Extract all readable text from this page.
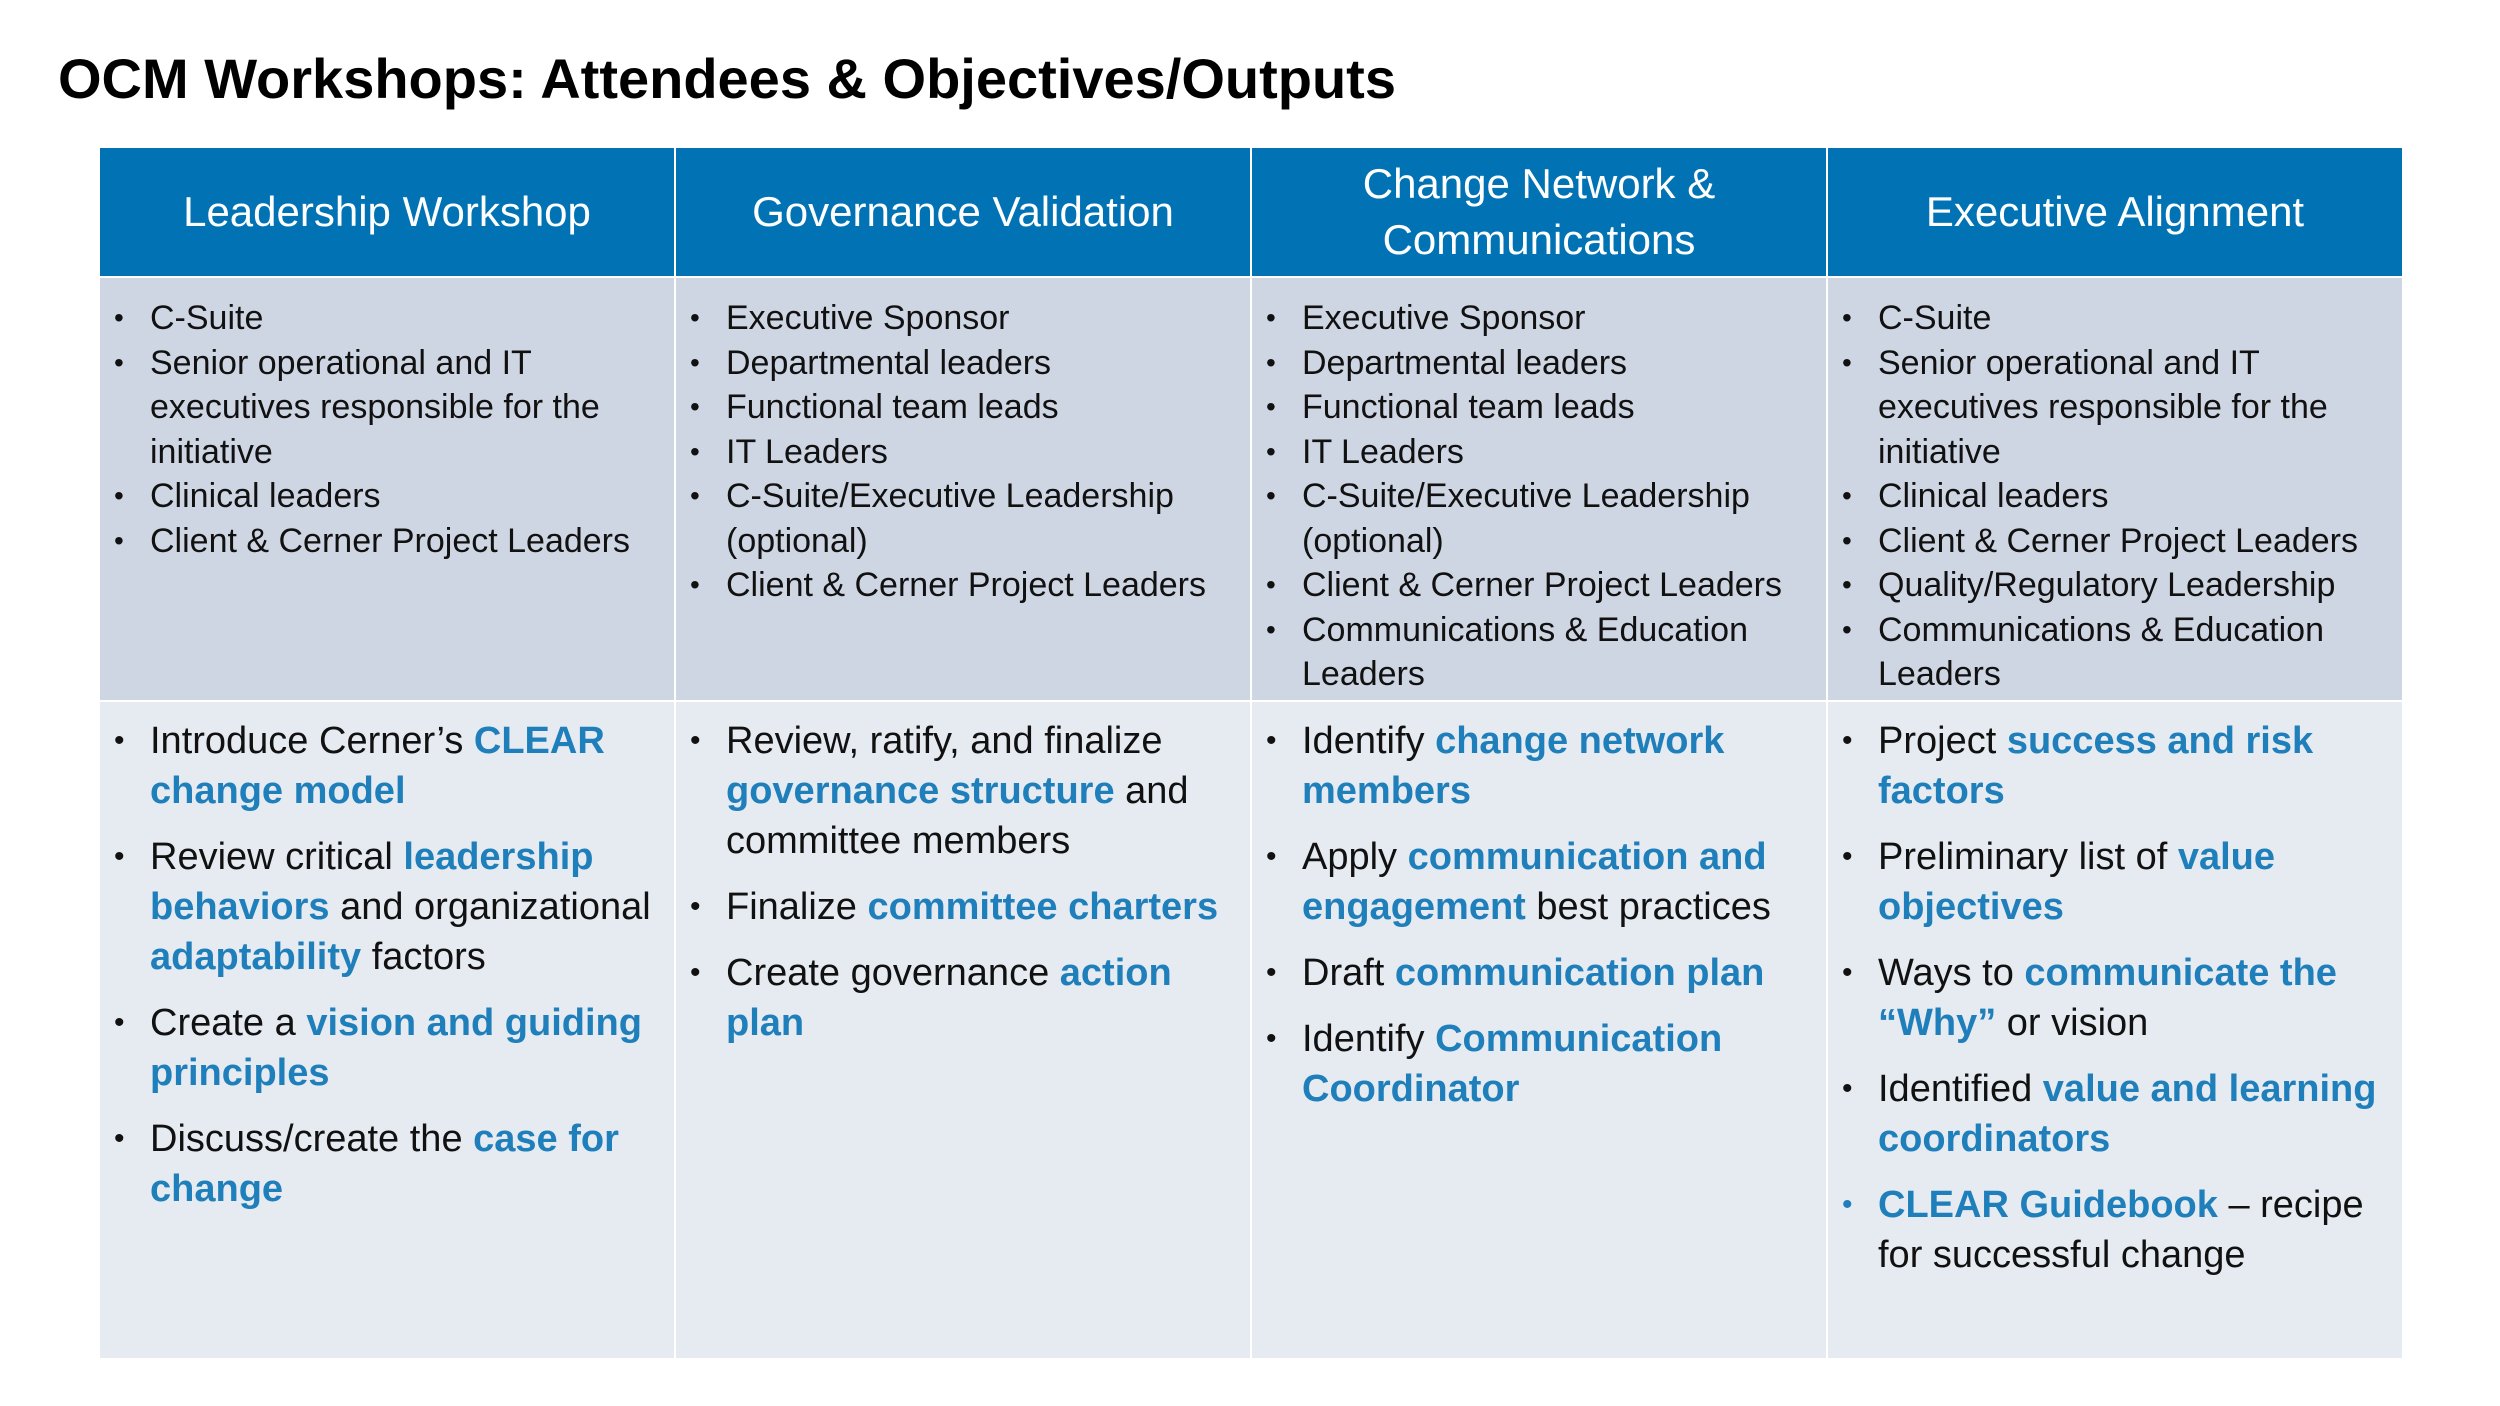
OCM Workshops: Attendees & Objectives/Outputs
Leadership Workshop	Governance Validation
Change Network & Communications
Executive Alignment
• C-Suite
• Senior operational and IT executives responsible for the initiative
• Clinical leaders
• Client & Cerner Project Leaders
• Executive Sponsor
• Departmental leaders
• Functional team leads
• IT Leaders
• C-Suite/Executive Leadership (optional)
• Client & Cerner Project Leaders
• Executive Sponsor
• Departmental leaders
• Functional team leads
• IT Leaders
• C-Suite/Executive Leadership (optional)
• Client & Cerner Project Leaders
• Communications & Education Leaders
• C-Suite
• Senior operational and IT executives responsible for the initiative
• Clinical leaders
• Client & Cerner Project Leaders
• Quality/Regulatory Leadership
• Communications & Education Leaders
• Introduce Cerner’s CLEAR change model
• Review critical leadership behaviors and organizational adaptability factors
• Create a vision and guiding principles
• Discuss/create the case for change
• Review, ratify, and finalize governance structure and committee members
• Finalize committee charters
• Create governance action plan
• Identify change network members
• Apply communication and engagement best practices
• Draft communication plan
• Identify Communication Coordinator
• Project success and risk factors
• Preliminary list of value objectives
• Ways to communicate the “Why” or vision
• Identified value and learning coordinators
• CLEAR Guidebook – recipe for successful change
